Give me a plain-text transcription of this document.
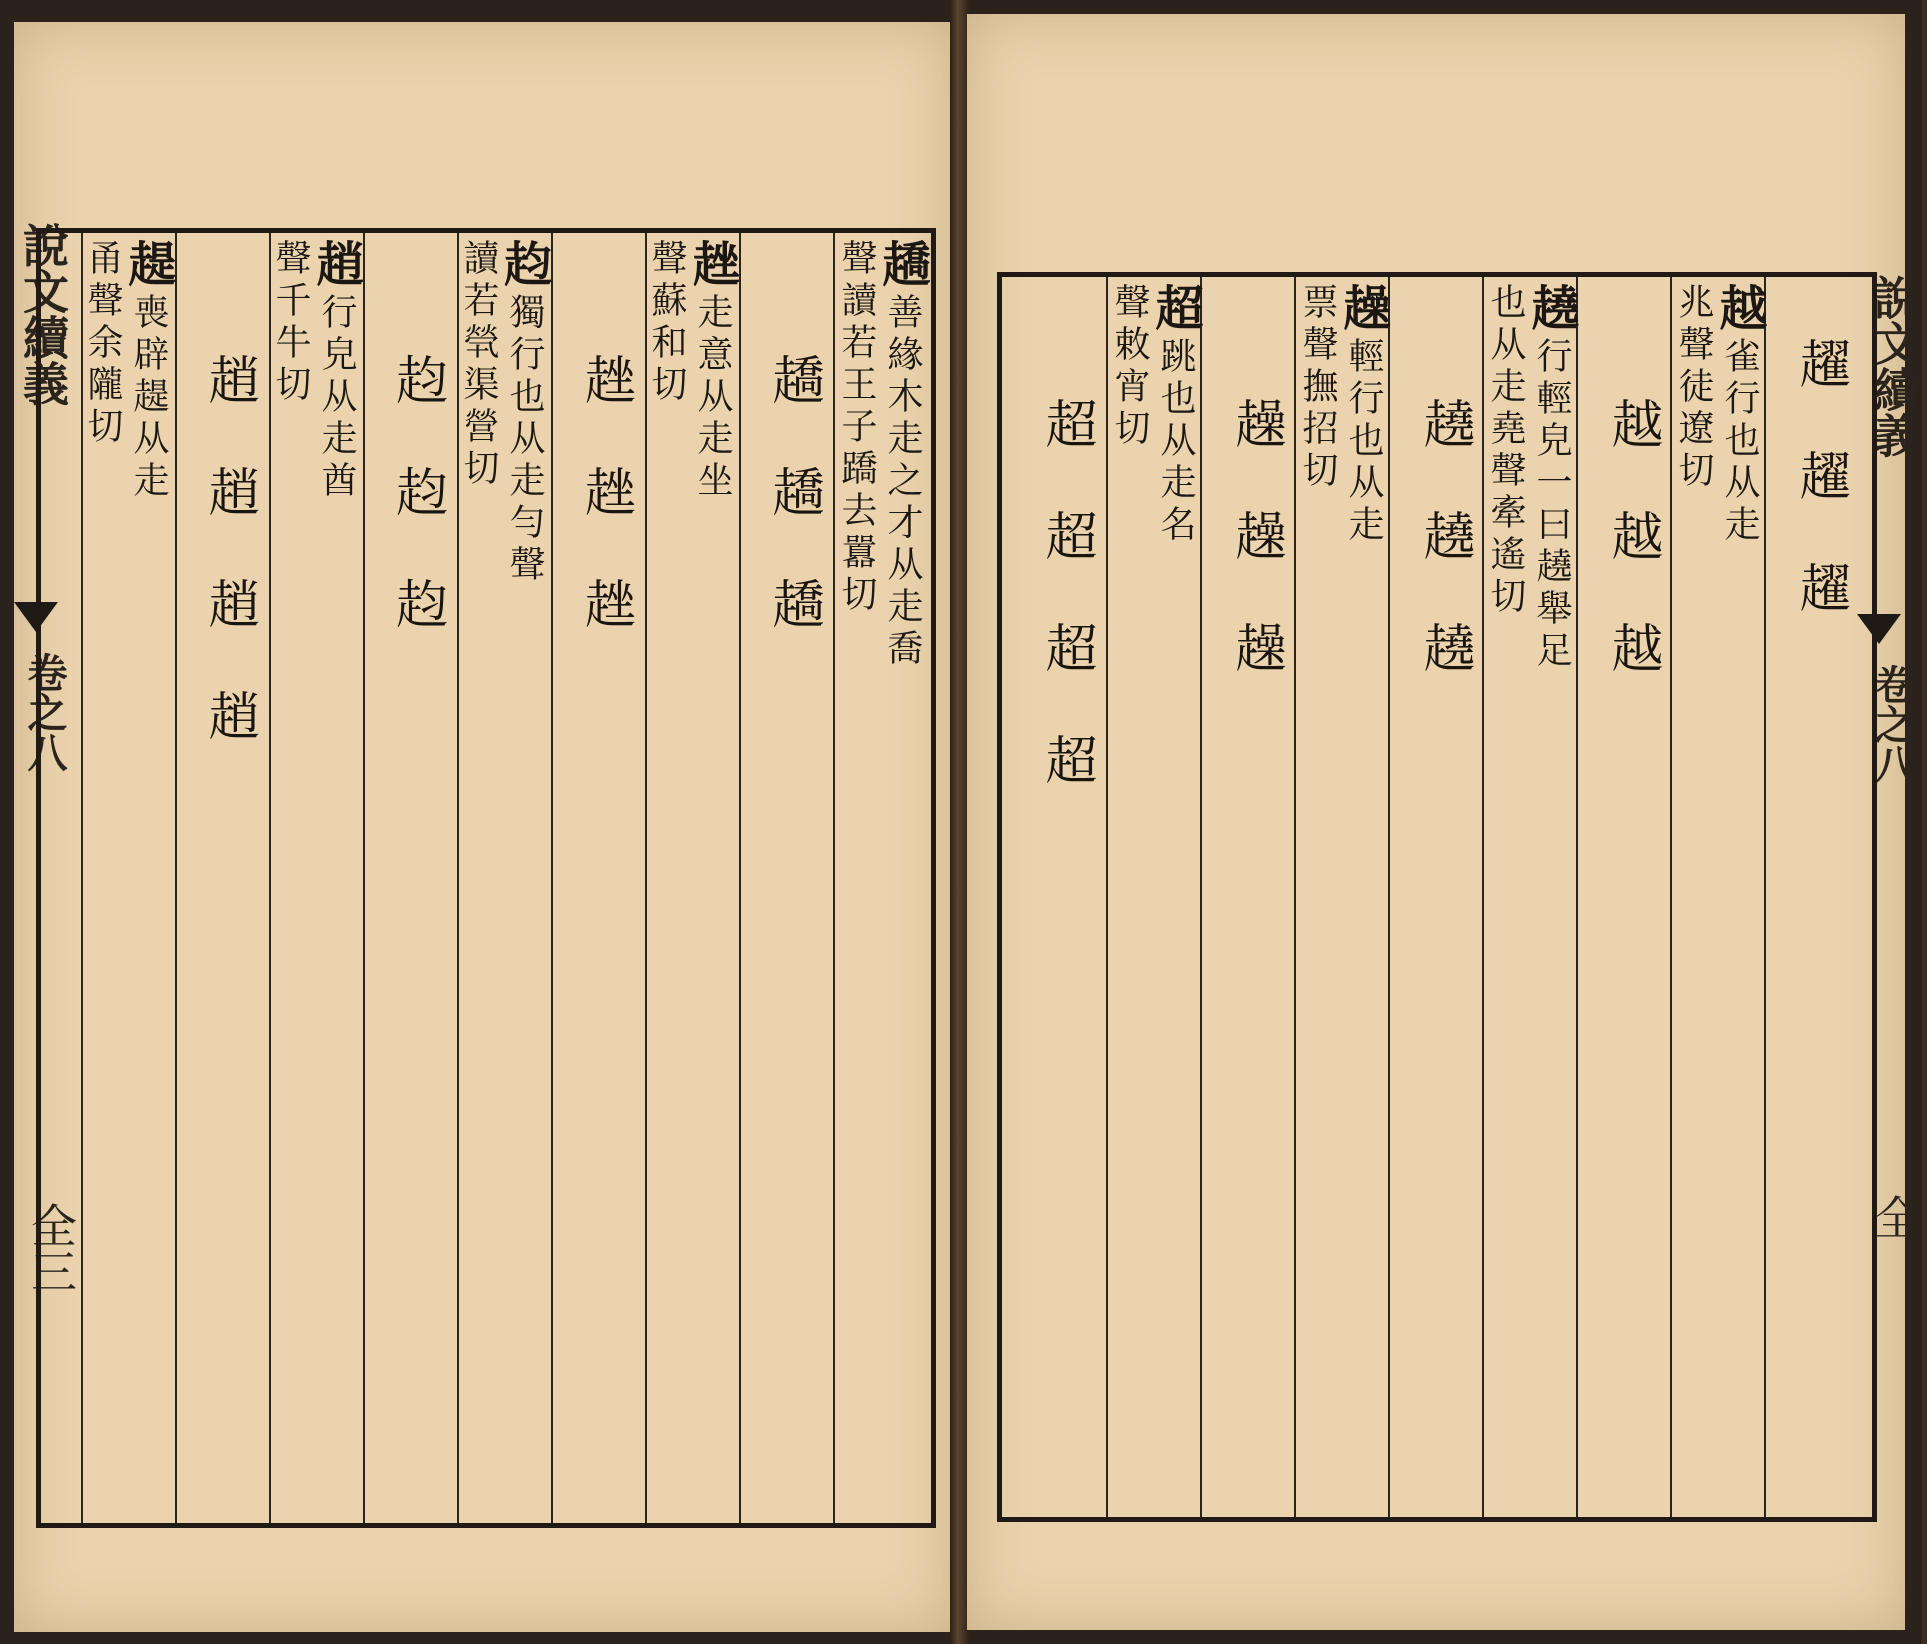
說文續義
卷之八
全三
趫善緣木走之才从走喬
聲讀若王子蹻去囂切
趫趫趫
趖走意从走坐
聲蘇和切
趖趖趖
赹獨行也从走勻聲
讀若煢渠營切
赹赹赹
趙行皃从走酋
聲千牛切
趙趙趙趙
趧喪辟趧从走
甬聲余隴切	說文續義
卷之八
全
趯趯趯
越雀行也从走
兆聲徒遼切
越越越
趬行輕皃一曰趬舉足
也从走堯聲牽遙切
趬趬趬
趮輕行也从走
票聲撫招切
趮趮趮
超跳也从走名
聲敕宵切
超超超超
